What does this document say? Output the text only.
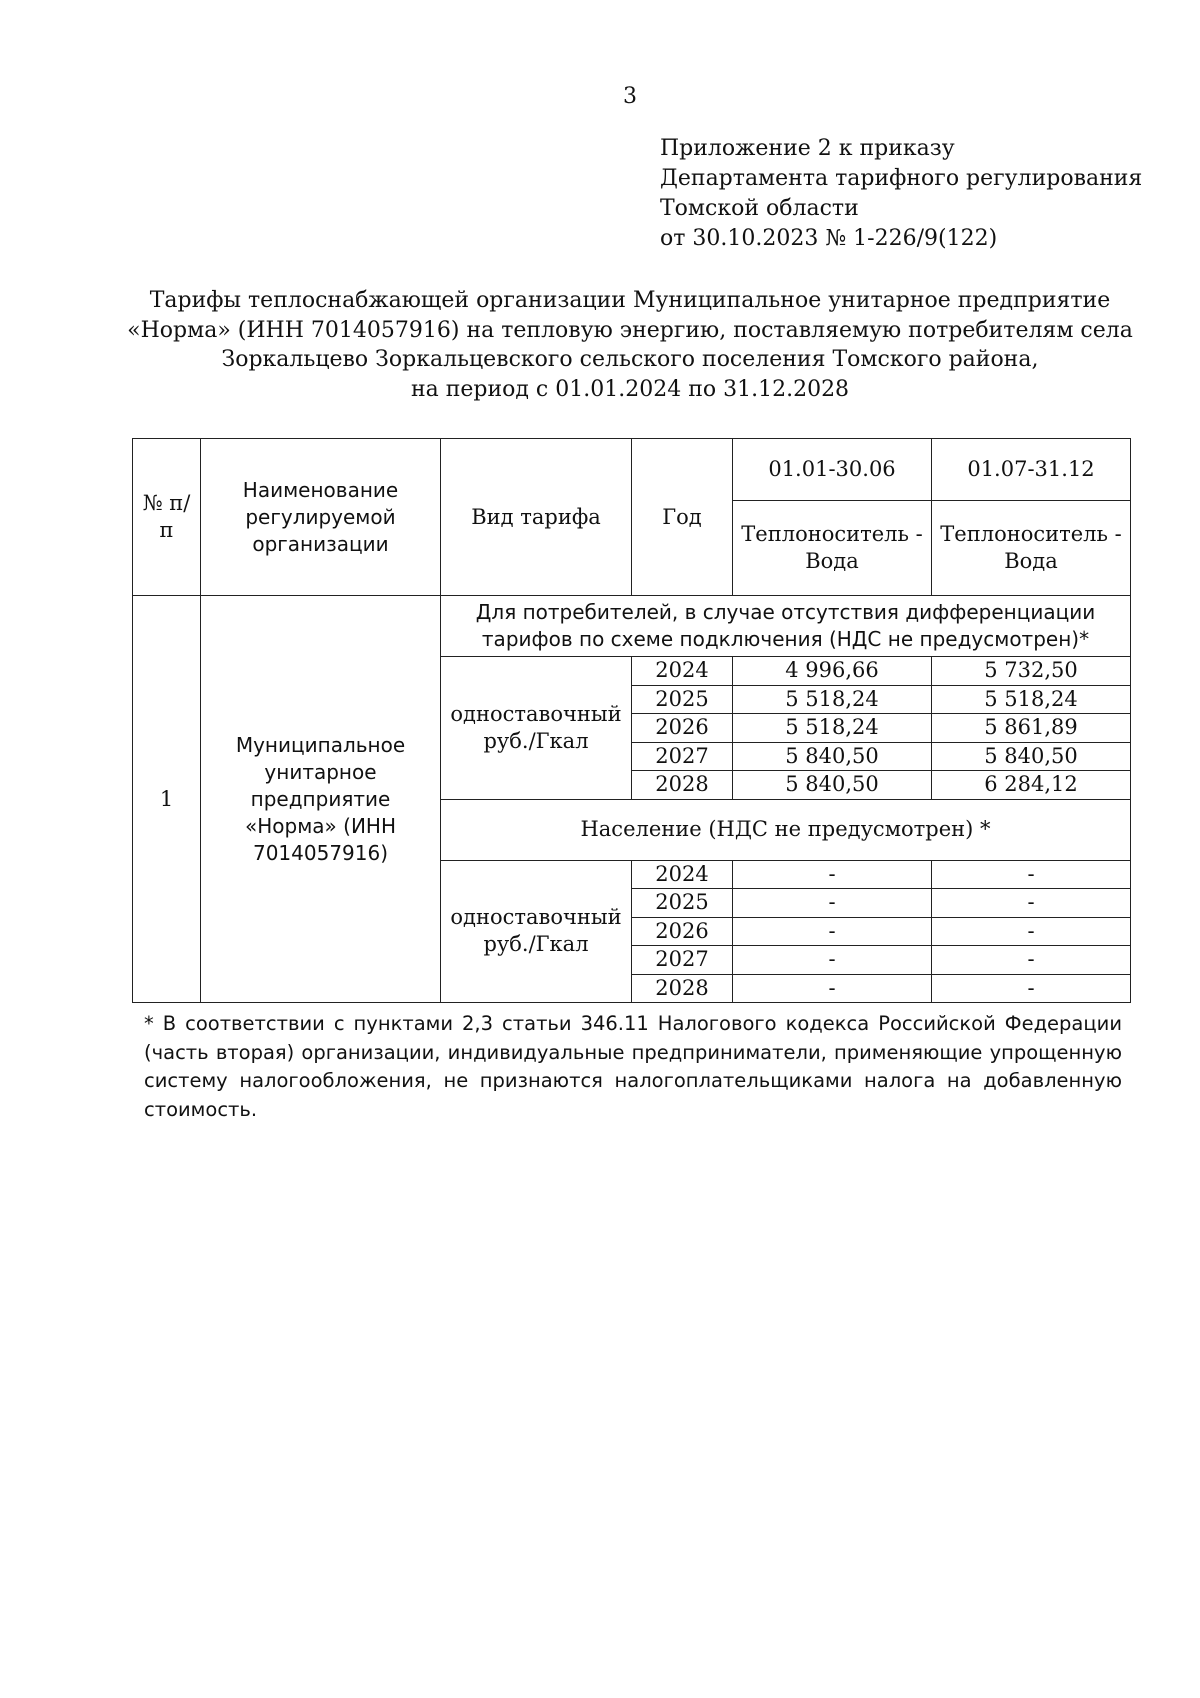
3
Приложение 2 к приказу
Департамента тарифного регулирования
Томской области
от 30.10.2023 № 1-226/9(122)
Тарифы теплоснабжающей организации Муниципальное унитарное предприятие
«Норма» (ИНН 7014057916) на тепловую энергию, поставляемую потребителям села
Зоркальцево Зоркальцевского сельского поселения Томского района,
на период с 01.01.2024 по 31.12.2028
№ п/п	Наименование регулируемой организации	Вид тарифа	Год	01.01-30.06	01.07-31.12
				Теплоноситель - Вода	Теплоноситель - Вода
1	Муниципальное унитарное предприятие «Норма» (ИНН 7014057916)	Для потребителей, в случае отсутствия дифференциации тарифов по схеме подключения (НДС не предусмотрен)*			
		одноставочный руб./Гкал	2024	4 996,66	5 732,50
			2025	5 518,24	5 518,24
			2026	5 518,24	5 861,89
			2027	5 840,50	5 840,50
			2028	5 840,50	6 284,12
		Население (НДС не предусмотрен) *			
		одноставочный руб./Гкал	2024	-	-
			2025	-	-
			2026	-	-
			2027	-	-
			2028	-	-
* В соответствии с пунктами 2,3 статьи 346.11 Налогового кодекса Российской Федерации (часть вторая) организации, индивидуальные предприниматели, применяющие упрощенную систему налогообложения, не признаются налогоплательщиками налога на добавленную стоимость.
